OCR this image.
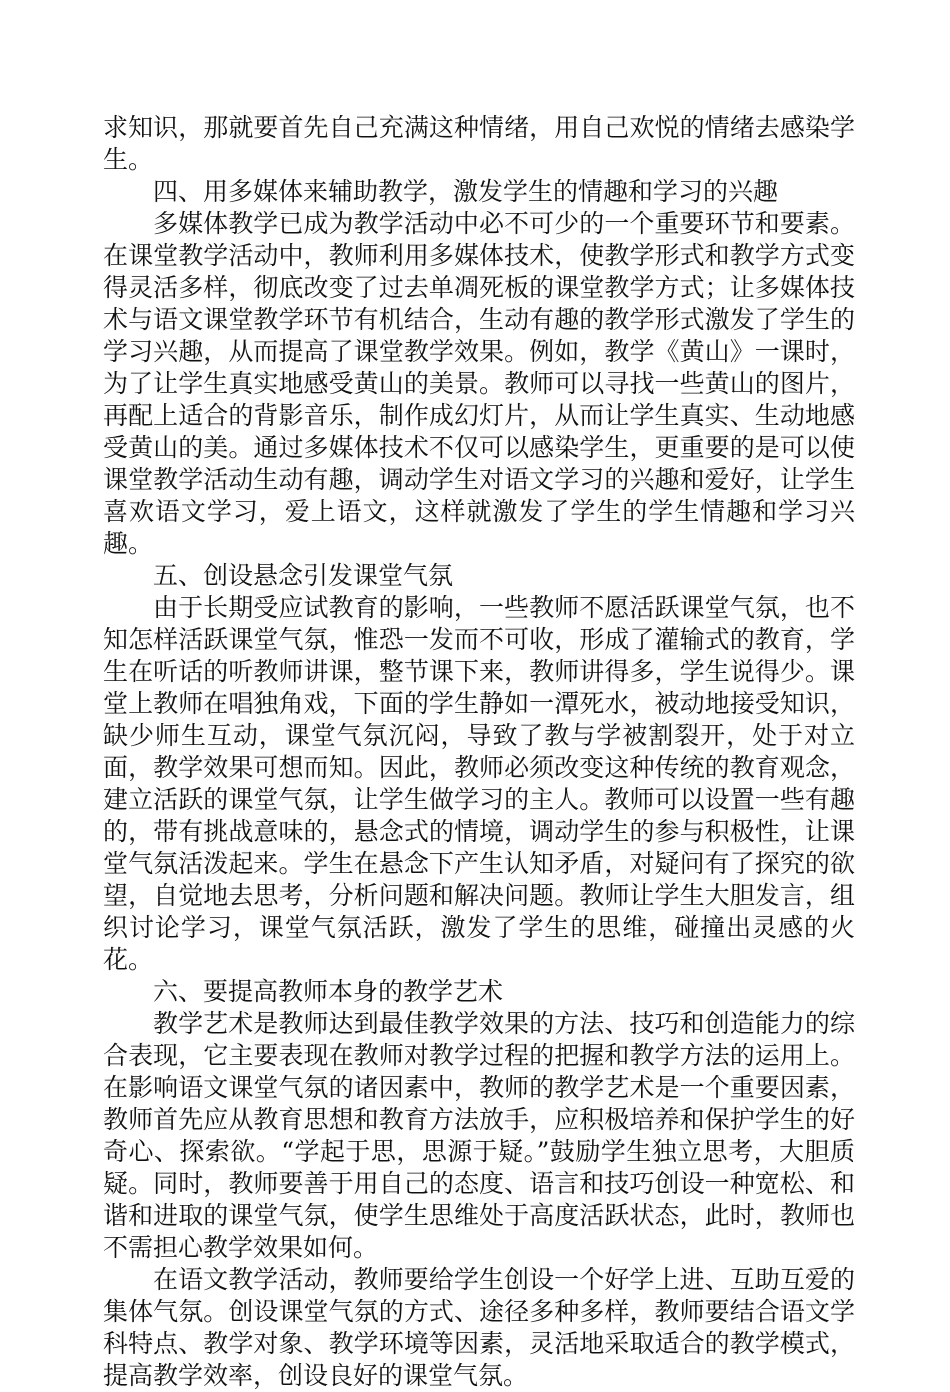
求知识，那就要首先自己充满这种情绪，用自己欢悦的情绪去感染学生。

四、用多媒体来辅助教学，激发学生的情趣和学习的兴趣

多媒体教学已成为教学活动中必不可少的一个重要环节和要素。在课堂教学活动中，教师利用多媒体技术，使教学形式和教学方式变得灵活多样，彻底改变了过去单凋死板的课堂教学方式；让多媒体技术与语文课堂教学环节有机结合，生动有趣的教学形式激发了学生的学习兴趣，从而提高了课堂教学效果。例如，教学《黄山》一课时，为了让学生真实地感受黄山的美景。教师可以寻找一些黄山的图片，再配上适合的背影音乐，制作成幻灯片，从而让学生真实、生动地感受黄山的美。通过多媒体技术不仅可以感染学生，更重要的是可以使课堂教学活动生动有趣，调动学生对语文学习的兴趣和爱好，让学生喜欢语文学习，爱上语文，这样就激发了学生的学生情趣和学习兴趣。

五、创设悬念引发课堂气氛

由于长期受应试教育的影响，一些教师不愿活跃课堂气氛，也不知怎样活跃课堂气氛，惟恐一发而不可收，形成了灌输式的教育，学生在听话的听教师讲课，整节课下来，教师讲得多，学生说得少。课堂上教师在唱独角戏，下面的学生静如一潭死水，被动地接受知识，缺少师生互动，课堂气氛沉闷，导致了教与学被割裂开，处于对立面，教学效果可想而知。因此，教师必须改变这种传统的教育观念，建立活跃的课堂气氛，让学生做学习的主人。教师可以设置一些有趣的，带有挑战意味的，悬念式的情境，调动学生的参与积极性，让课堂气氛活泼起来。学生在悬念下产生认知矛盾，对疑问有了探究的欲望，自觉地去思考，分析问题和解决问题。教师让学生大胆发言，组织讨论学习，课堂气氛活跃，激发了学生的思维，碰撞出灵感的火花。

六、要提高教师本身的教学艺术

教学艺术是教师达到最佳教学效果的方法、技巧和创造能力的综合表现，它主要表现在教师对教学过程的把握和教学方法的运用上。在影响语文课堂气氛的诸因素中，教师的教学艺术是一个重要因素，教师首先应从教育思想和教育方法放手，应积极培养和保护学生的好奇心、探索欲。“学起于思，思源于疑。”鼓励学生独立思考，大胆质疑。同时，教师要善于用自己的态度、语言和技巧创设一种宽松、和谐和进取的课堂气氛，使学生思维处于高度活跃状态，此时，教师也不需担心教学效果如何。

在语文教学活动，教师要给学生创设一个好学上进、互助互爱的集体气氛。创设课堂气氛的方式、途径多种多样，教师要结合语文学科特点、教学对象、教学环境等因素，灵活地采取适合的教学模式，提高教学效率，创设良好的课堂气氛。
